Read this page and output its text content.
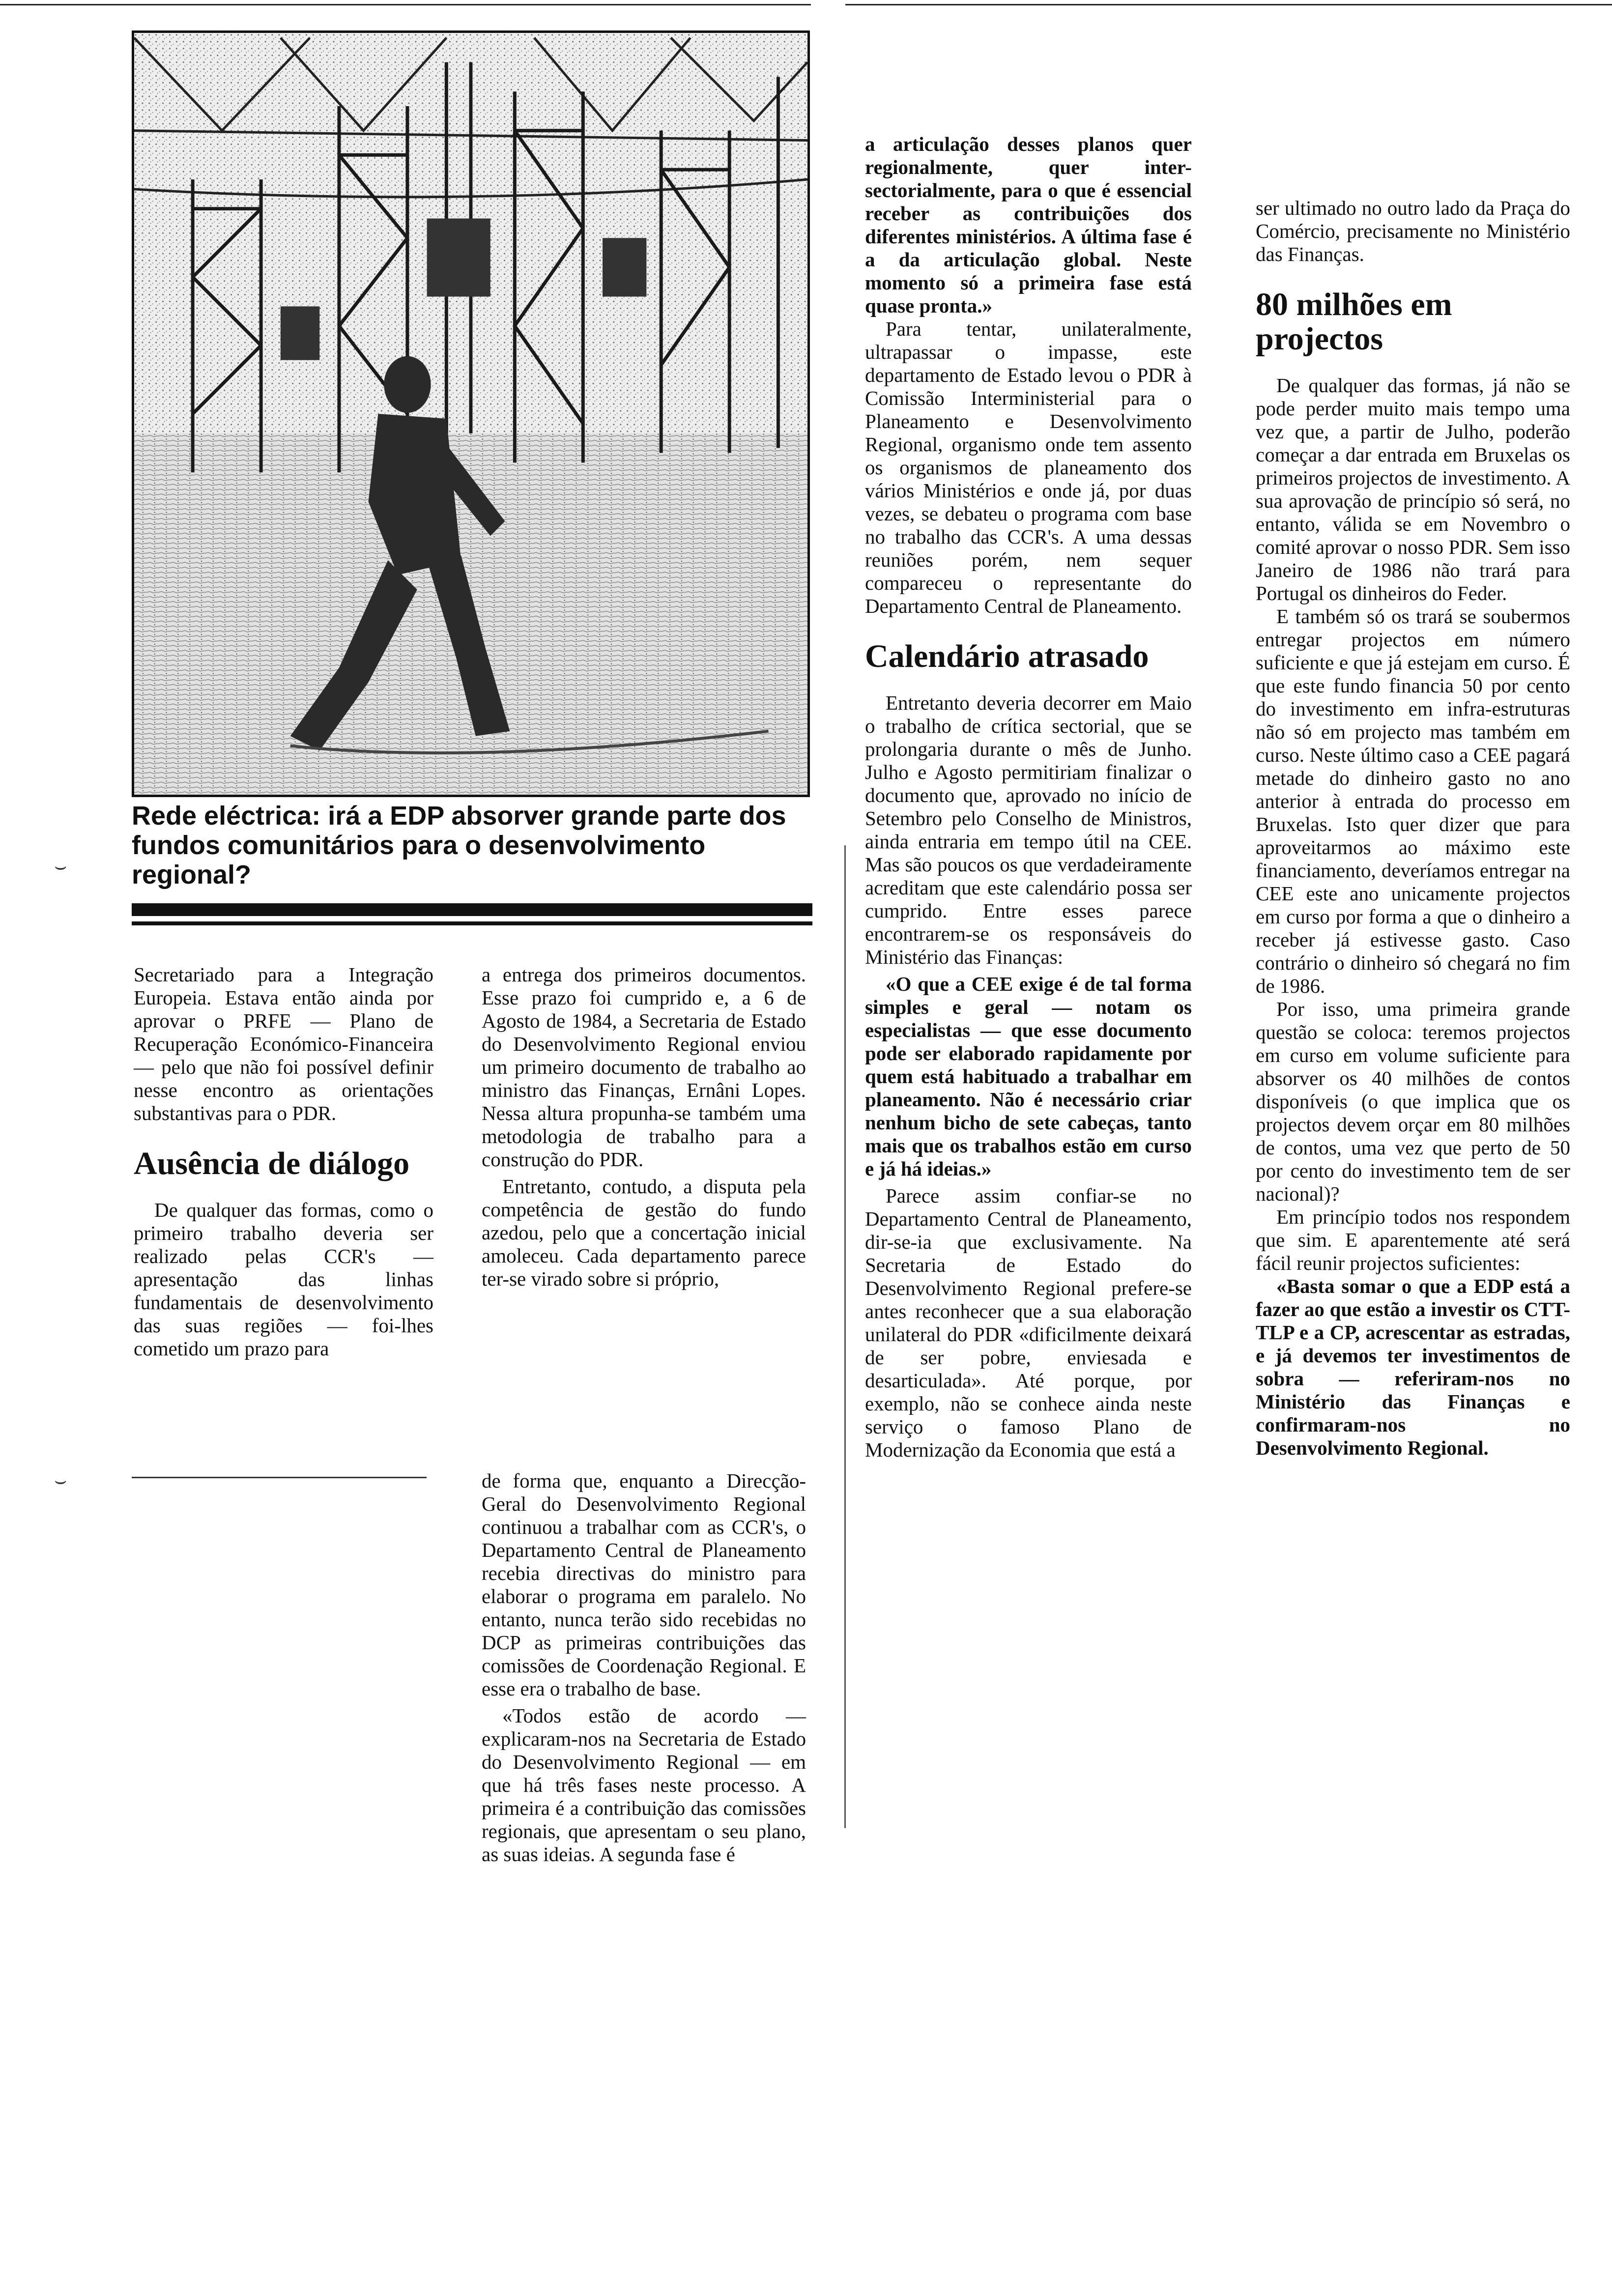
Rede eléctrica: irá a EDP absorver grande parte dos fundos comunitários para o desenvolvimento regional?

Secretariado para a Integração Europeia. Estava então ainda por aprovar o PRFE — Plano de Recuperação Económico-Financeira — pelo que não foi possível definir nesse encontro as orientações substantivas para o PDR.

Ausência de diálogo

De qualquer das formas, como o primeiro trabalho deveria ser realizado pelas CCR's — apresentação das linhas fundamentais de desenvolvimento das suas regiões — foi-lhes cometido um prazo para

a entrega dos primeiros documentos. Esse prazo foi cumprido e, a 6 de Agosto de 1984, a Secretaria de Estado do Desenvolvimento Regional enviou um primeiro documento de trabalho ao ministro das Finanças, Ernâni Lopes. Nessa altura propunha-se também uma metodologia de trabalho para a construção do PDR.

Entretanto, contudo, a disputa pela competência de gestão do fundo azedou, pelo que a concertação inicial amoleceu. Cada departamento parece ter-se virado sobre si próprio,

de forma que, enquanto a Direcção-Geral do Desenvolvimento Regional continuou a trabalhar com as CCR's, o Departamento Central de Planeamento recebia directivas do ministro para elaborar o programa em paralelo. No entanto, nunca terão sido recebidas no DCP as primeiras contribuições das comissões de Coordenação Regional. E esse era o trabalho de base.

«Todos estão de acordo — explicaram-nos na Secretaria de Estado do Desenvolvimento Regional — em que há três fases neste processo. A primeira é a contribuição das comissões regionais, que apresentam o seu plano, as suas ideias. A segunda fase é

a articulação desses planos quer regionalmente, quer inter-sectorialmente, para o que é essencial receber as contribuições dos diferentes ministérios. A última fase é a da articulação global. Neste momento só a primeira fase está quase pronta.»

Para tentar, unilateralmente, ultrapassar o impasse, este departamento de Estado levou o PDR à Comissão Interministerial para o Planeamento e Desenvolvimento Regional, organismo onde tem assento os organismos de planeamento dos vários Ministérios e onde já, por duas vezes, se debateu o programa com base no trabalho das CCR's. A uma dessas reuniões porém, nem sequer compareceu o representante do Departamento Central de Planeamento.

Calendário atrasado

Entretanto deveria decorrer em Maio o trabalho de crítica sectorial, que se prolongaria durante o mês de Junho. Julho e Agosto permitiriam finalizar o documento que, aprovado no início de Setembro pelo Conselho de Ministros, ainda entraria em tempo útil na CEE. Mas são poucos os que verdadeiramente acreditam que este calendário possa ser cumprido. Entre esses parece encontrarem-se os responsáveis do Ministério das Finanças:

«O que a CEE exige é de tal forma simples e geral — notam os especialistas — que esse documento pode ser elaborado rapidamente por quem está habituado a trabalhar em planeamento. Não é necessário criar nenhum bicho de sete cabeças, tanto mais que os trabalhos estão em curso e já há ideias.»

Parece assim confiar-se no Departamento Central de Planeamento, dir-se-ia que exclusivamente. Na Secretaria de Estado do Desenvolvimento Regional prefere-se antes reconhecer que a sua elaboração unilateral do PDR «dificilmente deixará de ser pobre, enviesada e desarticulada». Até porque, por exemplo, não se conhece ainda neste serviço o famoso Plano de Modernização da Economia que está a

ser ultimado no outro lado da Praça do Comércio, precisamente no Ministério das Finanças.

80 milhões em projectos

De qualquer das formas, já não se pode perder muito mais tempo uma vez que, a partir de Julho, poderão começar a dar entrada em Bruxelas os primeiros projectos de investimento. A sua aprovação de princípio só será, no entanto, válida se em Novembro o comité aprovar o nosso PDR. Sem isso Janeiro de 1986 não trará para Portugal os dinheiros do Feder.

E também só os trará se soubermos entregar projectos em número suficiente e que já estejam em curso. É que este fundo financia 50 por cento do investimento em infra-estruturas não só em projecto mas também em curso. Neste último caso a CEE pagará metade do dinheiro gasto no ano anterior à entrada do processo em Bruxelas. Isto quer dizer que para aproveitarmos ao máximo este financiamento, deveríamos entregar na CEE este ano unicamente projectos em curso por forma a que o dinheiro a receber já estivesse gasto. Caso contrário o dinheiro só chegará no fim de 1986.

Por isso, uma primeira grande questão se coloca: teremos projectos em curso em volume suficiente para absorver os 40 milhões de contos disponíveis (o que implica que os projectos devem orçar em 80 milhões de contos, uma vez que perto de 50 por cento do investimento tem de ser nacional)?

Em princípio todos nos respondem que sim. E aparentemente até será fácil reunir projectos suficientes:

«Basta somar o que a EDP está a fazer ao que estão a investir os CTT-TLP e a CP, acrescentar as estradas, e já devemos ter investimentos de sobra — referiram-nos no Ministério das Finanças e confirmaram-nos no Desenvolvimento Regional.

⌣
⌣
